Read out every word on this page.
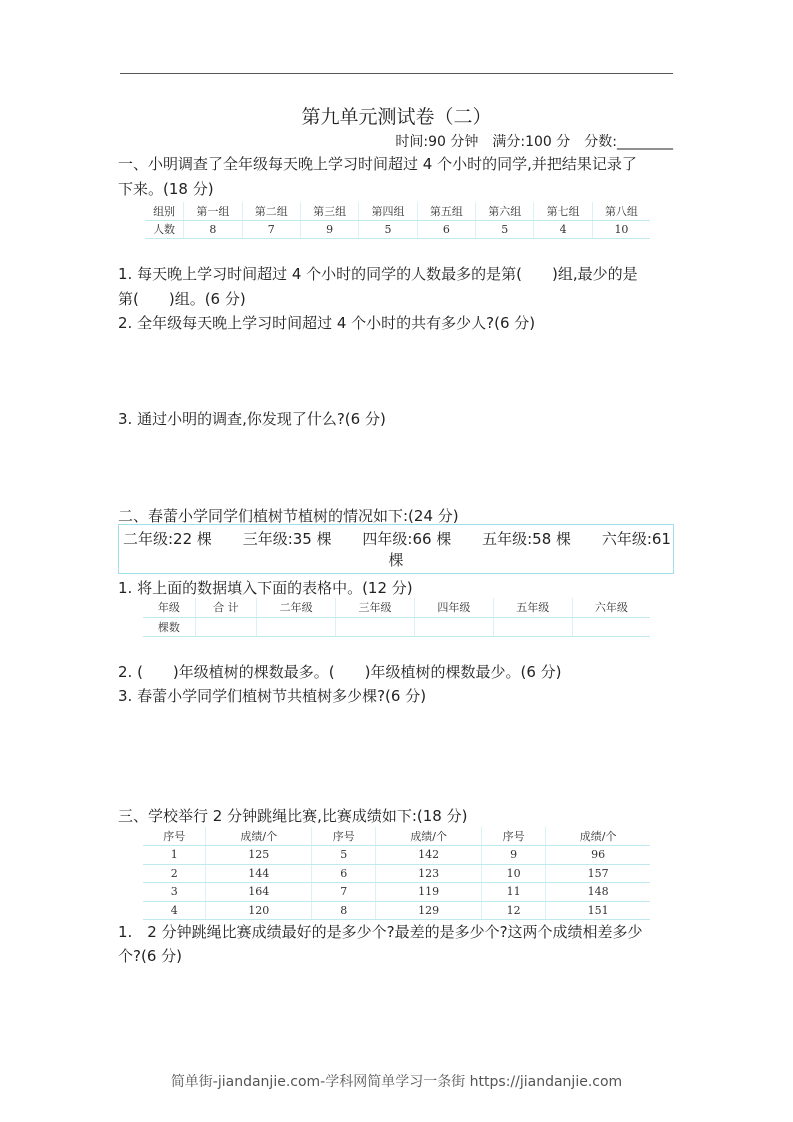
第九单元测试卷（二）
时间:90 分钟　满分:100 分　分数:________
一、小明调查了全年级每天晚上学习时间超过 4 个小时的同学,并把结果记录了
下来。(18 分)
组别	第一组	第二组	第三组	第四组	第五组	第六组	第七组	第八组
人数	8	7	9	5	6	5	4	10
1. 每天晚上学习时间超过 4 个小时的同学的人数最多的是第(　　)组,最少的是
第(　　)组。(6 分)
2. 全年级每天晚上学习时间超过 4 个小时的共有多少人?(6 分)
3. 通过小明的调查,你发现了什么?(6 分)
二、春蕾小学同学们植树节植树的情况如下:(24 分)
二年级:22 棵 三年级:35 棵 四年级:66 棵 五年级:58 棵 六年级:61
棵
1. 将上面的数据填入下面的表格中。(12 分)
年级	合 计	二年级	三年级	四年级	五年级	六年级
棵数						
2. (　　)年级植树的棵数最多。(　　)年级植树的棵数最少。(6 分)
3. 春蕾小学同学们植树节共植树多少棵?(6 分)
三、学校举行 2 分钟跳绳比赛,比赛成绩如下:(18 分)
序号	成绩/个	序号	成绩/个	序号	成绩/个
1	125	5	142	9	96
2	144	6	123	10	157
3	164	7	119	11	148
4	120	8	129	12	151
1.　2 分钟跳绳比赛成绩最好的是多少个?最差的是多少个?这两个成绩相差多少
个?(6 分)
简单街-jiandanjie.com-学科网简单学习一条街 https://jiandanjie.com
